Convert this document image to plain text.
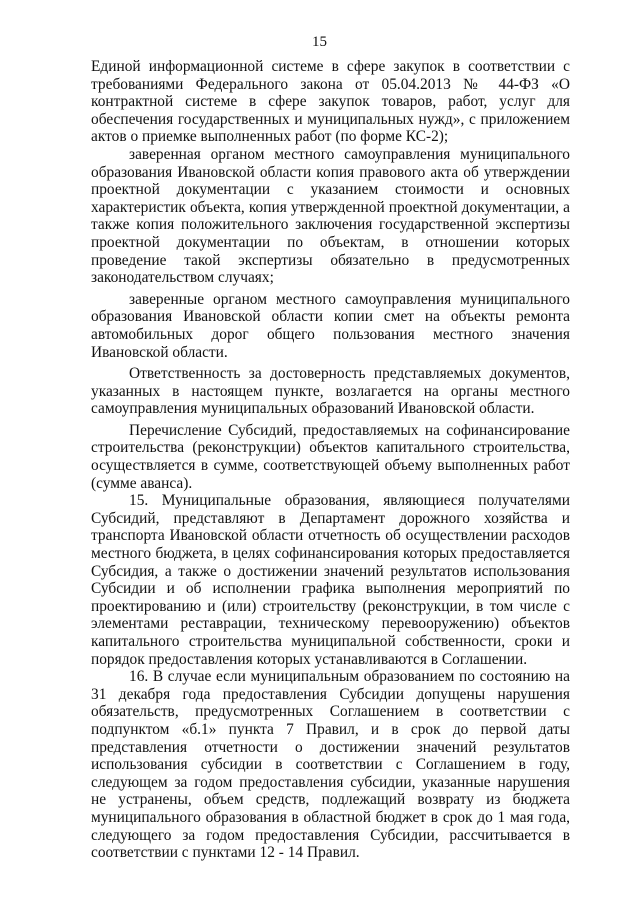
15

Единой информационной системе в сфере закупок в соответствии с требованиями Федерального закона от 05.04.2013 № 44-ФЗ «О контрактной системе в сфере закупок товаров, работ, услуг для обеспечения государственных и муниципальных нужд», с приложением актов о приемке выполненных работ (по форме КС-2);

заверенная органом местного самоуправления муниципального образования Ивановской области копия правового акта об утверждении проектной документации с указанием стоимости и основных характеристик объекта, копия утвержденной проектной документации, а также копия положительного заключения государственной экспертизы проектной документации по объектам, в отношении которых проведение такой экспертизы обязательно в предусмотренных законодательством случаях;

заверенные органом местного самоуправления муниципального образования Ивановской области копии смет на объекты ремонта автомобильных дорог общего пользования местного значения Ивановской области.

Ответственность за достоверность представляемых документов, указанных в настоящем пункте, возлагается на органы местного самоуправления муниципальных образований Ивановской области.

Перечисление Субсидий, предоставляемых на софинансирование строительства (реконструкции) объектов капитального строительства, осуществляется в сумме, соответствующей объему выполненных работ (сумме аванса).

15. Муниципальные образования, являющиеся получателями Субсидий, представляют в Департамент дорожного хозяйства и транспорта Ивановской области отчетность об осуществлении расходов местного бюджета, в целях софинансирования которых предоставляется Субсидия, а также о достижении значений результатов использования Субсидии и об исполнении графика выполнения мероприятий по проектированию и (или) строительству (реконструкции, в том числе с элементами реставрации, техническому перевооружению) объектов капитального строительства муниципальной собственности, сроки и порядок предоставления которых устанавливаются в Соглашении.

16. В случае если муниципальным образованием по состоянию на 31 декабря года предоставления Субсидии допущены нарушения обязательств, предусмотренных Соглашением в соответствии с подпунктом «б.1» пункта 7 Правил, и в срок до первой даты представления отчетности о достижении значений результатов использования субсидии в соответствии с Соглашением в году, следующем за годом предоставления субсидии, указанные нарушения не устранены, объем средств, подлежащий возврату из бюджета муниципального образования в областной бюджет в срок до 1 мая года, следующего за годом предоставления Субсидии, рассчитывается в соответствии с пунктами 12 - 14 Правил.
